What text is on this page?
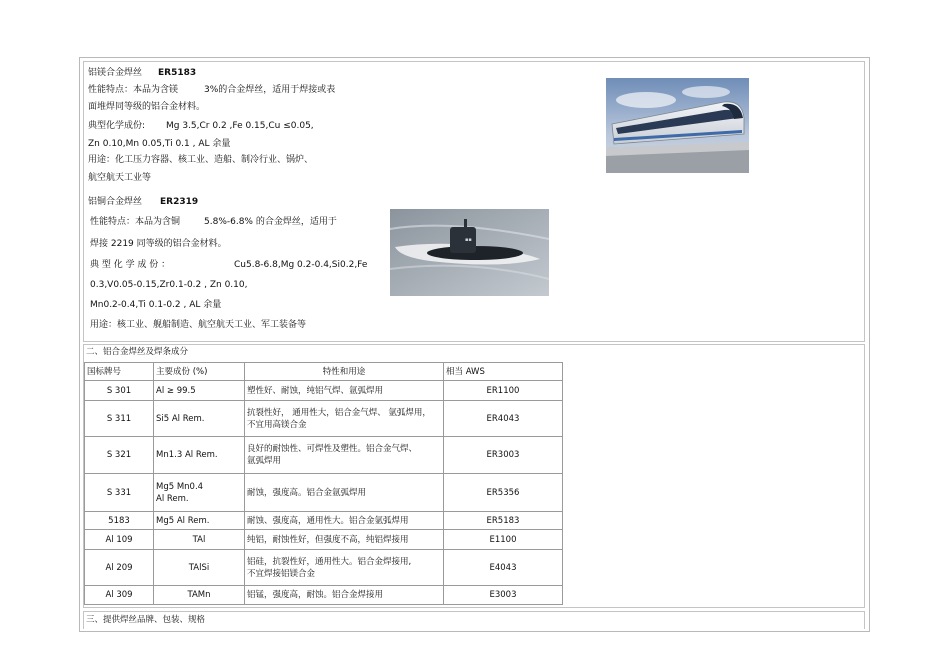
铝镁合金焊丝 ER5183
性能特点：本品为含镁	3%的合金焊丝，适用于焊接或表
面堆焊同等级的铝合金材料。
典型化学成份: Mg 3.5,Cr 0.2 ,Fe 0.15,Cu ≤0.05,
Zn 0.10,Mn 0.05,Ti 0.1 , AL 余量
用途：化工压力容器、核工业、造船、制冷行业、锅炉、
航空航天工业等
铝铜合金焊丝 ER2319
性能特点：本品为含铜	5.8%-6.8% 的合金焊丝，适用于
焊接 2219 同等级的铝合金材料。
典 型 化 学 成 份 ：	Cu5.8-6.8,Mg 0.2-0.4,Si0.2,Fe
0.3,V0.05-0.15,Zr0.1-0.2 , Zn 0.10,
Mn0.2-0.4,Ti 0.1-0.2 , AL 余量
用途：核工业、舰船制造、航空航天工业、军工装备等
▪▪
二、铝合金焊丝及焊条成分
国标牌号	主要成份 (%)	特性和用途	相当 AWS
S 301	Al ≥ 99.5	塑性好、耐蚀，纯铝气焊、氩弧焊用	ER1100
S 311	Si5 Al Rem.	抗裂性好， 通用性大，铝合金气焊、 氩弧焊用，
不宜用高镁合金	ER4043
S 321	Mn1.3 Al Rem.	良好的耐蚀性、可焊性及塑性。铝合金气焊、
氩弧焊用	ER3003
S 331	Mg5 Mn0.4
Al Rem.	耐蚀，强度高。铝合金氩弧焊用	ER5356
5183	Mg5 Al Rem.	耐蚀、强度高，通用性大。铝合金氩弧焊用	ER5183
Al 109	TAl	纯铝，耐蚀性好，但强度不高，纯铝焊接用	E1100
Al 209	TAlSi	铝硅，抗裂性好，通用性大。铝合金焊接用,
不宜焊接铝镁合金	E4043
Al 309	TAMn	铝锰，强度高，耐蚀。铝合金焊接用	E3003
三、提供焊丝品牌、包装、规格
